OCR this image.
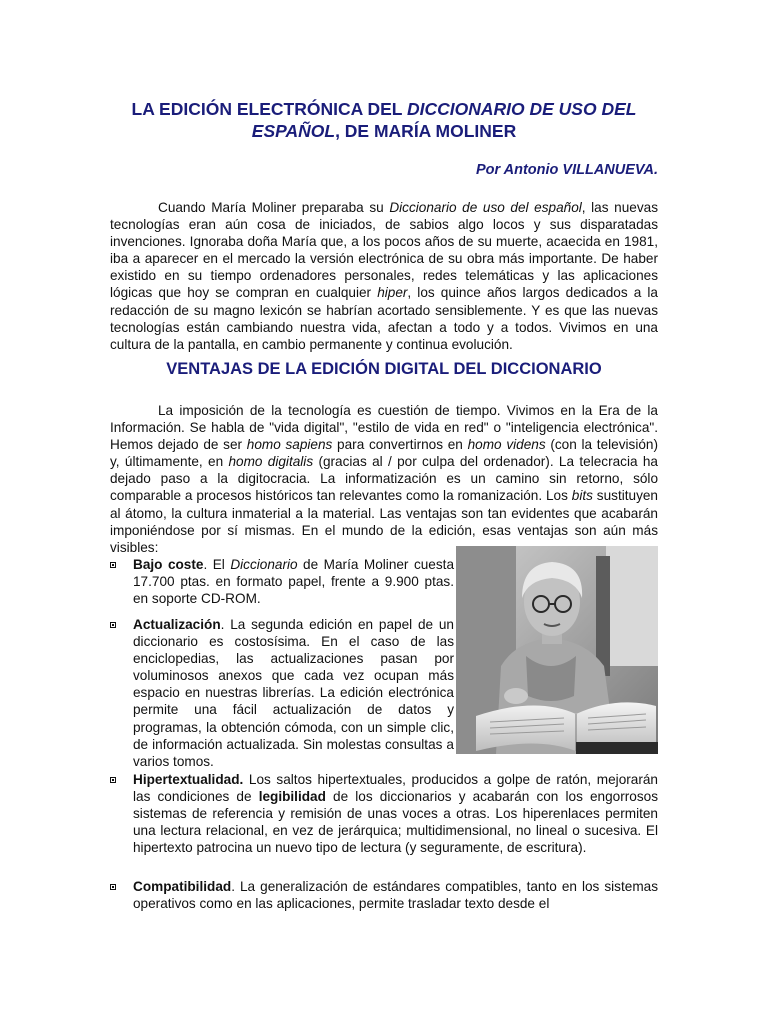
LA EDICIÓN ELECTRÓNICA DEL DICCIONARIO DE USO DEL
ESPAÑOL, DE MARÍA MOLINER
Por Antonio VILLANUEVA.
Cuando María Moliner preparaba su Diccionario de uso del español, las nuevas tecnologías eran aún cosa de iniciados, de sabios algo locos y sus disparatadas invenciones. Ignoraba doña María que, a los pocos años de su muerte, acaecida en 1981, iba a aparecer en el mercado la versión electrónica de su obra más importante. De haber existido en su tiempo ordenadores personales, redes telemáticas y las aplicaciones lógicas que hoy se compran en cualquier hiper, los quince años largos dedicados a la redacción de su magno lexicón se habrían acortado sensiblemente. Y es que las nuevas tecnologías están cambiando nuestra vida, afectan a todo y a todos. Vivimos en una cultura de la pantalla, en cambio permanente y continua evolución.
VENTAJAS DE LA EDICIÓN DIGITAL DEL DICCIONARIO
La imposición de la tecnología es cuestión de tiempo. Vivimos en la Era de la Información. Se habla de "vida digital", "estilo de vida en red" o "inteligencia electrónica". Hemos dejado de ser homo sapiens para convertirnos en homo videns (con la televisión) y, últimamente, en homo digitalis (gracias al / por culpa del ordenador). La telecracia ha dejado paso a la digitocracia. La informatización es un camino sin retorno, sólo comparable a procesos históricos tan relevantes como la romanización. Los bits sustituyen al átomo, la cultura inmaterial a la material. Las ventajas son tan evidentes que acabarán imponiéndose por sí mismas. En el mundo de la edición, esas ventajas son aún más visibles:
Bajo coste. El Diccionario de María Moliner cuesta 17.700 ptas. en formato papel, frente a 9.900 ptas. en soporte CD-ROM.
Actualización. La segunda edición en papel de un diccionario es costosísima. En el caso de las enciclopedias, las actualizaciones pasan por voluminosos anexos que cada vez ocupan más espacio en nuestras librerías. La edición electrónica permite una fácil actualización de datos y programas, la obtención cómoda, con un simple clic, de información actualizada. Sin molestas consultas a varios tomos.
Hipertextualidad. Los saltos hipertextuales, producidos a golpe de ratón, mejorarán las condiciones de legibilidad de los diccionarios y acabarán con los engorrosos sistemas de referencia y remisión de unas voces a otras. Los hiperenlaces permiten una lectura relacional, en vez de jerárquica; multidimensional, no lineal o sucesiva. El hipertexto patrocina un nuevo tipo de lectura (y seguramente, de escritura).
Compatibilidad. La generalización de estándares compatibles, tanto en los sistemas operativos como en las aplicaciones, permite trasladar texto desde el
